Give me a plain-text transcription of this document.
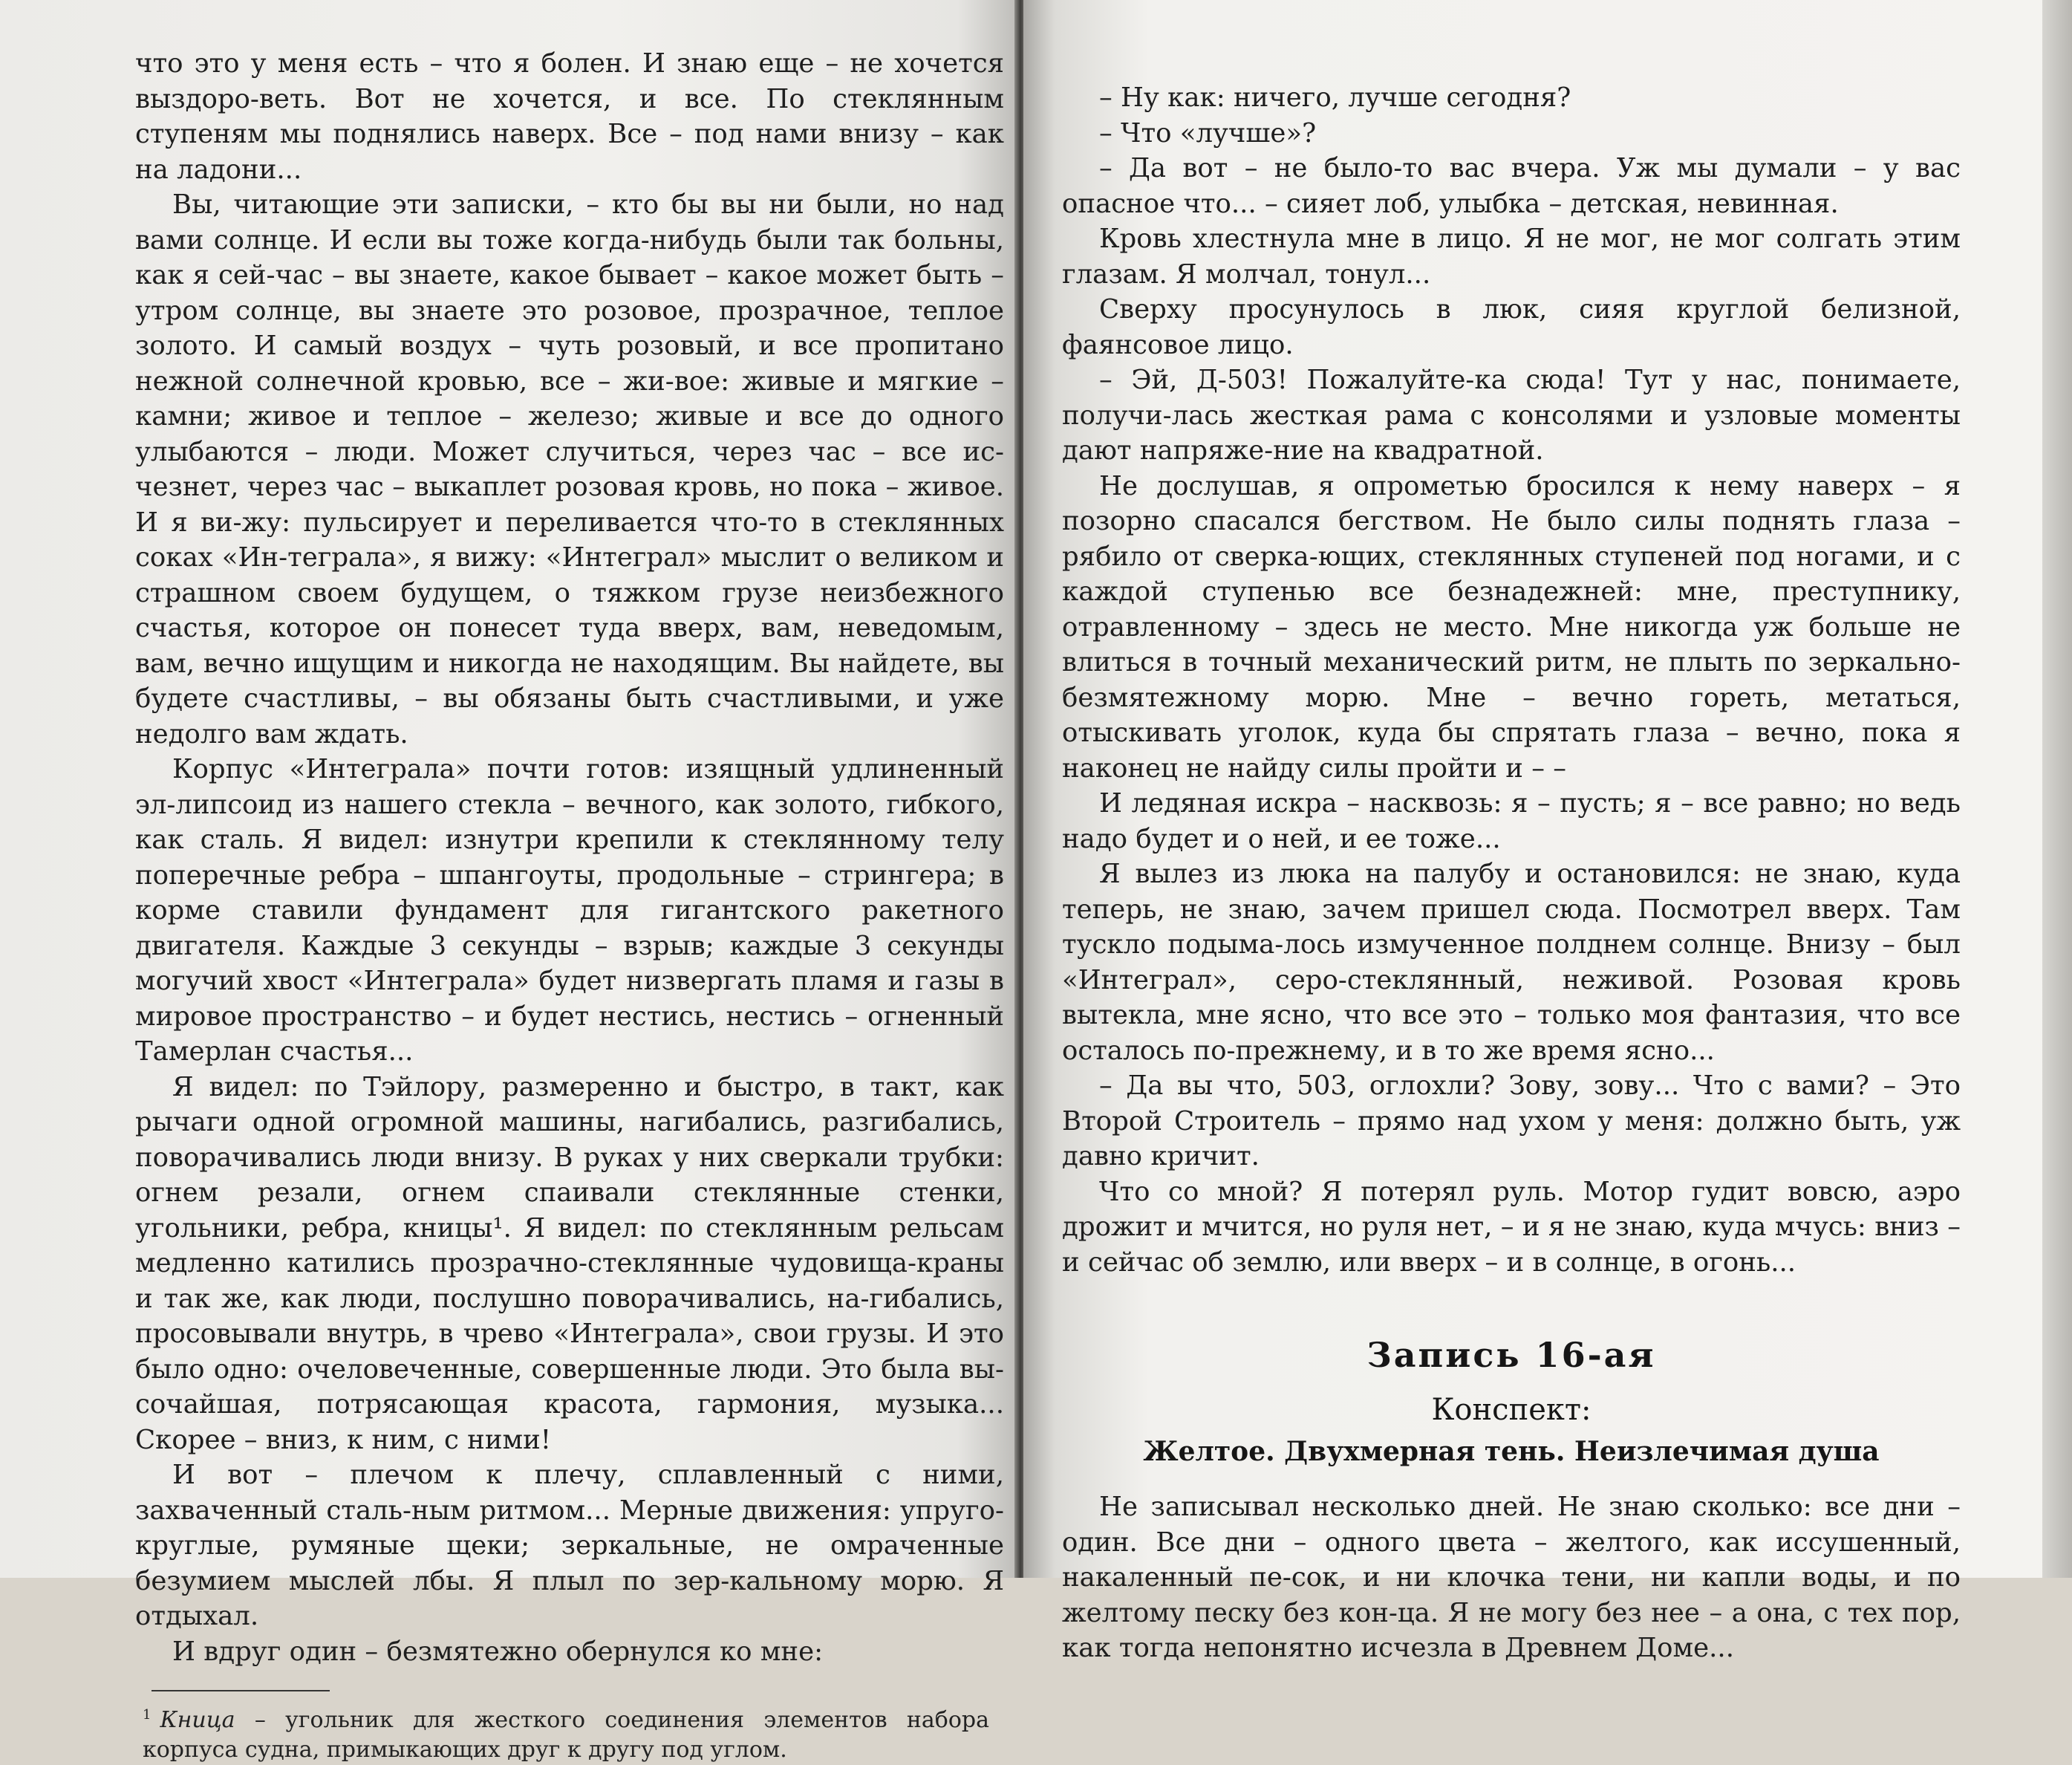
что это у меня есть – что я болен. И знаю еще – не хочется выздоро-веть. Вот не хочется, и все. По стеклянным ступеням мы поднялись наверх. Все – под нами внизу – как на ладони...

Вы, читающие эти записки, – кто бы вы ни были, но над вами солнце. И если вы тоже когда-нибудь были так больны, как я сей-час – вы знаете, какое бывает – какое может быть – утром солнце, вы знаете это розовое, прозрачное, теплое золото. И самый воздух – чуть розовый, и все пропитано нежной солнечной кровью, все – жи-вое: живые и мягкие – камни; живое и теплое – железо; живые и все до одного улыбаются – люди. Может случиться, через час – все ис-чезнет, через час – выкаплет розовая кровь, но пока – живое. И я ви-жу: пульсирует и переливается что-то в стеклянных соках «Ин-теграла», я вижу: «Интеграл» мыслит о великом и страшном своем будущем, о тяжком грузе неизбежного счастья, которое он понесет туда вверх, вам, неведомым, вам, вечно ищущим и никогда не находящим. Вы найдете, вы будете счастливы, – вы обязаны быть счастливыми, и уже недолго вам ждать.

Корпус «Интеграла» почти готов: изящный удлиненный эл-липсоид из нашего стекла – вечного, как золото, гибкого, как сталь. Я видел: изнутри крепили к стеклянному телу поперечные ребра – шпангоуты, продольные – стрингера; в корме ставили фундамент для гигантского ракетного двигателя. Каждые 3 секунды – взрыв; каждые 3 секунды могучий хвост «Интеграла» будет низвергать пламя и газы в мировое пространство – и будет нестись, нестись – огненный Тамерлан счастья...

Я видел: по Тэйлору, размеренно и быстро, в такт, как рычаги одной огромной машины, нагибались, разгибались, поворачивались люди внизу. В руках у них сверкали трубки: огнем резали, огнем спаивали стеклянные стенки, угольники, ребра, кницы¹. Я видел: по стеклянным рельсам медленно катились прозрачно-стеклянные чудовища-краны и так же, как люди, послушно поворачивались, на-гибались, просовывали внутрь, в чрево «Интеграла», свои грузы. И это было одно: очеловеченные, совершенные люди. Это была вы-сочайшая, потрясающая красота, гармония, музыка... Скорее – вниз, к ним, с ними!

И вот – плечом к плечу, сплавленный с ними, захваченный сталь-ным ритмом... Мерные движения: упруго-круглые, румяные щеки; зеркальные, не омраченные безумием мыслей лбы. Я плыл по зер-кальному морю. Я отдыхал.

И вдруг один – безмятежно обернулся ко мне:

$^1$ Кница – угольник для жесткого соединения элементов набора корпуса судна, примыкающих друг к другу под углом.

– Ну как: ничего, лучше сегодня?

– Что «лучше»?

– Да вот – не было-то вас вчера. Уж мы думали – у вас опасное что... – сияет лоб, улыбка – детская, невинная.

Кровь хлестнула мне в лицо. Я не мог, не мог солгать этим глазам. Я молчал, тонул...

Сверху просунулось в люк, сияя круглой белизной, фаянсовое лицо.

– Эй, Д-503! Пожалуйте-ка сюда! Тут у нас, понимаете, получи-лась жесткая рама с консолями и узловые моменты дают напряже-ние на квадратной.

Не дослушав, я опрометью бросился к нему наверх – я позорно спасался бегством. Не было силы поднять глаза – рябило от сверка-ющих, стеклянных ступеней под ногами, и с каждой ступенью все безнадежней: мне, преступнику, отравленному – здесь не место. Мне никогда уж больше не влиться в точный механический ритм, не плыть по зеркально-безмятежному морю. Мне – вечно гореть, метаться, отыскивать уголок, куда бы спрятать глаза – вечно, пока я наконец не найду силы пройти и – –

И ледяная искра – насквозь: я – пусть; я – все равно; но ведь надо будет и о ней, и ее тоже...

Я вылез из люка на палубу и остановился: не знаю, куда теперь, не знаю, зачем пришел сюда. Посмотрел вверх. Там тускло подыма-лось измученное полднем солнце. Внизу – был «Интеграл», серо-стеклянный, неживой. Розовая кровь вытекла, мне ясно, что все это – только моя фантазия, что все осталось по-прежнему, и в то же время ясно...

– Да вы что, 503, оглохли? Зову, зову... Что с вами? – Это Второй Строитель – прямо над ухом у меня: должно быть, уж давно кричит.

Что со мной? Я потерял руль. Мотор гудит вовсю, аэро дрожит и мчится, но руля нет, – и я не знаю, куда мчусь: вниз – и сейчас об землю, или вверх – и в солнце, в огонь...

Запись 16-ая
Конспект:
Желтое. Двухмерная тень. Неизлечимая душа

Не записывал несколько дней. Не знаю сколько: все дни – один. Все дни – одного цвета – желтого, как иссушенный, накаленный пе-сок, и ни клочка тени, ни капли воды, и по желтому песку без кон-ца. Я не могу без нее – а она, с тех пор, как тогда непонятно исчезла в Древнем Доме...
